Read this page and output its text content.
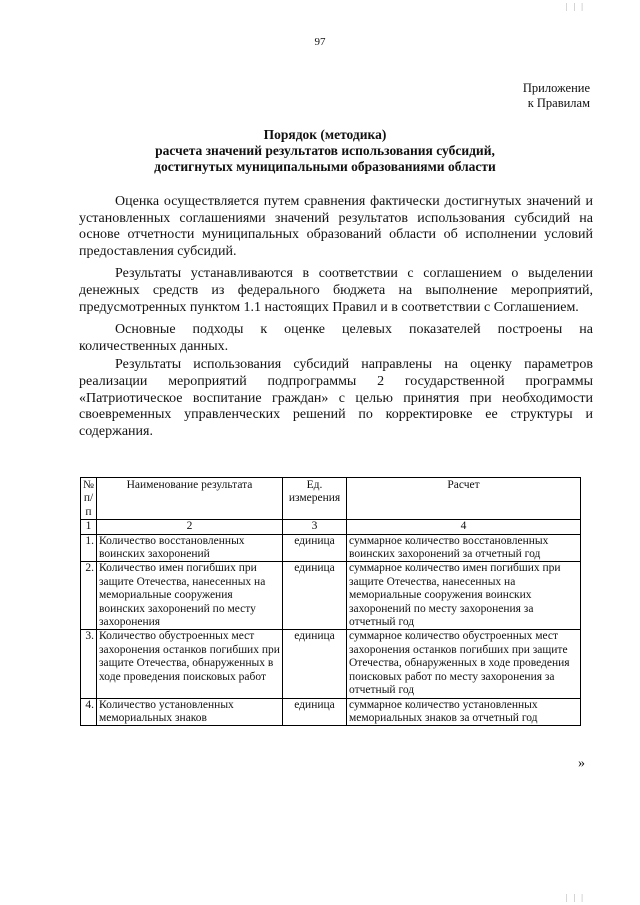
97
Приложение
к Правилам
Порядок (методика)
расчета значений результатов использования субсидий,
достигнутых муниципальными образованиями области

Оценка осуществляется путем сравнения фактически достигнутых значений и установленных соглашениями значений результатов использования субсидий на основе отчетности муниципальных образований области об исполнении условий предоставления субсидий.

Результаты устанавливаются в соответствии с соглашением о выделении денежных средств из федерального бюджета на выполнение мероприятий, предусмотренных пунктом 1.1 настоящих Правил и в соответствии с Соглашением.

Основные подходы к оценке целевых показателей построены на количественных данных.

Результаты использования субсидий направлены на оценку параметров реализации мероприятий подпрограммы 2 государственной программы «Патриотическое воспитание граждан» с целью принятия при необходимости своевременных управленческих решений по корректировке ее структуры и содержания.

№ п/п	Наименование результата	Ед. измерения	Расчет
1	2	3	4
1.	Количество восстановленных воинских захоронений	единица	суммарное количество восстановленных воинских захоронений за отчетный год
2.	Количество имен погибших при защите Отечества, нанесенных на мемориальные сооружения воинских захоронений по месту захоронения	единица	суммарное количество имен погибших при защите Отечества, нанесенных на мемориальные сооружения воинских захоронений по месту захоронения за отчетный год
3.	Количество обустроенных мест захоронения останков погибших при защите Отечества, обнаруженных в ходе проведения поисковых работ	единица	суммарное количество обустроенных мест захоронения останков погибших при защите Отечества, обнаруженных в ходе проведения поисковых работ по месту захоронения за отчетный год
4.	Количество установленных мемориальных знаков	единица	суммарное количество установленных мемориальных знаков за отчетный год
»
| | |
| | |
